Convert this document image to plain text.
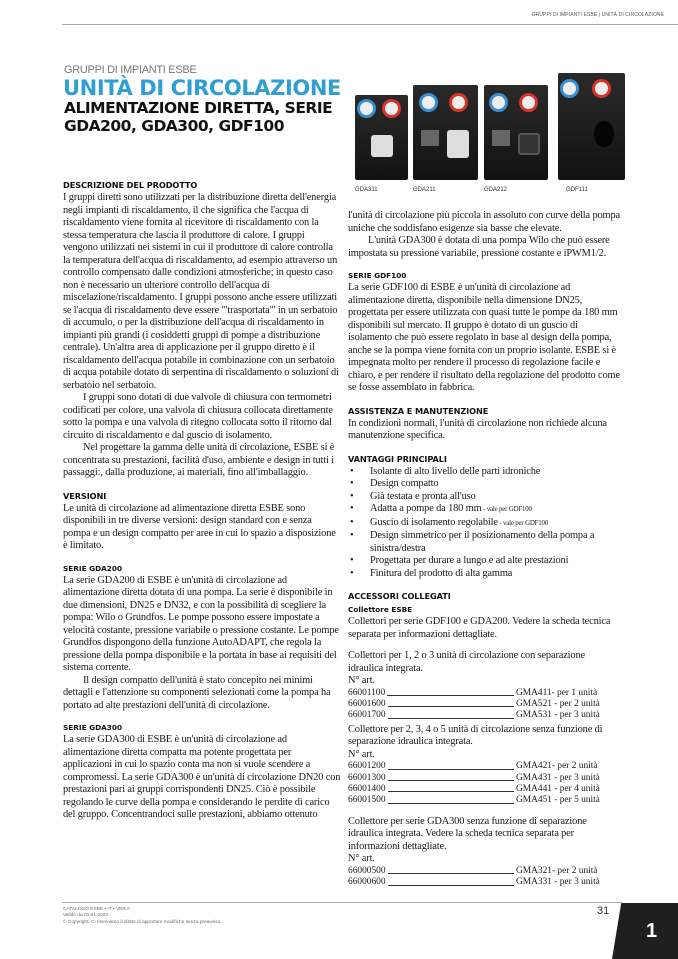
GRUPPI DI IMPIANTI ESBE | UNITÀ DI CIRCOLAZIONE
GRUPPI DI IMPIANTI ESBE
UNITÀ DI CIRCOLAZIONE
ALIMENTAZIONE DIRETTA, SERIE GDA200, GDA300, GDF100
GDA311	GDA211	GDA212	GDF111
DESCRIZIONE DEL PRODOTTO

I gruppi diretti sono utilizzati per la distribuzione diretta dell'energia negli impianti di riscaldamento, il che significa che l'acqua di riscaldamento viene fornita al ricevitore di riscaldamento con la stessa temperatura che lascia il produttore di calore. I gruppi vengono utilizzati nei sistemi in cui il produttore di calore controlla la temperatura dell'acqua di riscaldamento, ad esempio attraverso un controllo compensato dalle condizioni atmosferiche; in questo caso non è necessario un ulteriore controllo dell'acqua di miscelazione/riscaldamento. I gruppi possono anche essere utilizzati se l'acqua di riscaldamento deve essere "'trasportata"' in un serbatoio di accumulo, o per la distribuzione dell'acqua di riscaldamento in impianti più grandi (i cosiddetti gruppi di pompe a distribuzione centrale). Un'altra area di applicazione per il gruppo diretto è il riscaldamento dell'acqua potabile in combinazione con un serbatoio di acqua potabile dotato di serpentina di riscaldamento o soluzioni di serbatoio nel serbatoio.

I gruppi sono dotati di due valvole di chiusura con termometri codificati per colore, una valvola di chiusura collocata direttamente sotto la pompa e una valvola di ritegno collocata sotto il ritorno dal circuito di riscaldamento e dal guscio di isolamento.

Nel progettare la gamma delle unità di circolazione, ESBE si è concentrata su prestazioni, facilità d'uso, ambiente e design in tutti i passaggi:, dalla produzione, ai materiali, fino all'imballaggio.

VERSIONI

Le unità di circolazione ad alimentazione diretta ESBE sono disponibili in tre diverse versioni: design standard con e senza pompa e un design compatto per aree in cui lo spazio a disposizione è limitato.

SERIE GDA200

La serie GDA200 di ESBE è un'unità di circolazione ad alimentazione diretta dotata di una pompa. La serie è disponibile in due dimensioni, DN25 e DN32, e con la possibilità di scegliere la pompa: Wilo o Grundfos. Le pompe possono essere impostate a velocità costante, pressione variabile o pressione costante. Le pompe Grundfos dispongono della funzione AutoADAPT, che regola la pressione della pompa disponibile e la portata in base ai requisiti del sistema corrente.

Il design compatto dell'unità è stato concepito nei minimi dettagli e l'attenzione su componenti selezionati come la pompa ha portato ad alte prestazioni dell'unità di circolazione.

SERIE GDA300

La serie GDA300 di ESBE è un'unità di circolazione ad alimentazione diretta compatta ma potente progettata per applicazioni in cui lo spazio conta ma non si vuole scendere a compromessi. La serie GDA300 è un'unità di circolazione DN20 con prestazioni pari ai gruppi corrispondenti DN25. Ciò è possibile regolando le curve della pompa e considerando le perdite di carico del gruppo. Concentrandoci sulle prestazioni, abbiamo ottenuto

l'unità di circolazione più piccola in assoluto con curve della pompa uniche che soddisfano esigenze sia basse che elevate.

L'unità GDA300 è dotata di una pompa Wilo che può essere impostata su pressione variabile, pressione costante e iPWM1/2.

SERIE GDF100

La serie GDF100 di ESBE è un'unità di circolazione ad alimentazione diretta, disponibile nella dimensione DN25, progettata per essere utilizzata con quasi tutte le pompe da 180 mm disponibili sul mercato. Il gruppo è dotato di un guscio di isolamento che può essere regolato in base al design della pompa, anche se la pompa viene fornita con un proprio isolante. ESBE si è impegnata molto per rendere il processo di regolazione facile e chiaro, e per rendere il risultato della regolazione del prodotto come se fosse assemblato in fabbrica.

ASSISTENZA E MANUTENZIONE

In condizioni normali, l'unità di circolazione non richiede alcuna manutenzione specifica.

VANTAGGI PRINCIPALI
• Isolante di alto livello delle parti idroniche
• Design compatto
• Già testata e pronta all'uso
• Adatta a pompe da 180 mm - vale per GDF100
• Guscio di isolamento regolabile - vale per GDF100
• Design simmetrico per il posizionamento della pompa a sinistra/destra
• Progettata per durare a lungo e ad alte prestazioni
• Finitura del prodotto di alta gamma
ACCESSORI COLLEGATI
Collettore ESBE

Collettori per serie GDF100 e GDA200. Vedere la scheda tecnica separata per informazioni dettagliate.

Collettori per 1, 2 o 3 unità di circolazione con separazione idraulica integrata.

N° art.

66001100	GMA411- per 1 unità
66001600	GMA521 - per 2 unità
66001700	GMA531 - per 3 unità

Collettore per 2, 3, 4 o 5 unità di circolazione senza funzione di separazione idraulica integrata.

N° art.

66001200	GMA421- per 2 unità
66001300	GMA431 - per 3 unità
66001400	GMA441 - per 4 unità
66001500	GMA451 - per 5 unità

Collettore per serie GDA300 senza funzione di separazione idraulica integrata. Vedere la scheda tecnica separata per informazioni dettagliate.

N° art.

66000500	GMA321- per 2 unità
66000600	GMA331 - per 3 unità
CATALOGO ESBE • IT • VER A
Valido da 01.01.2023
© Copyright. Ci riserviamo il diritto di apportare modifiche senza preavviso.
31
1
